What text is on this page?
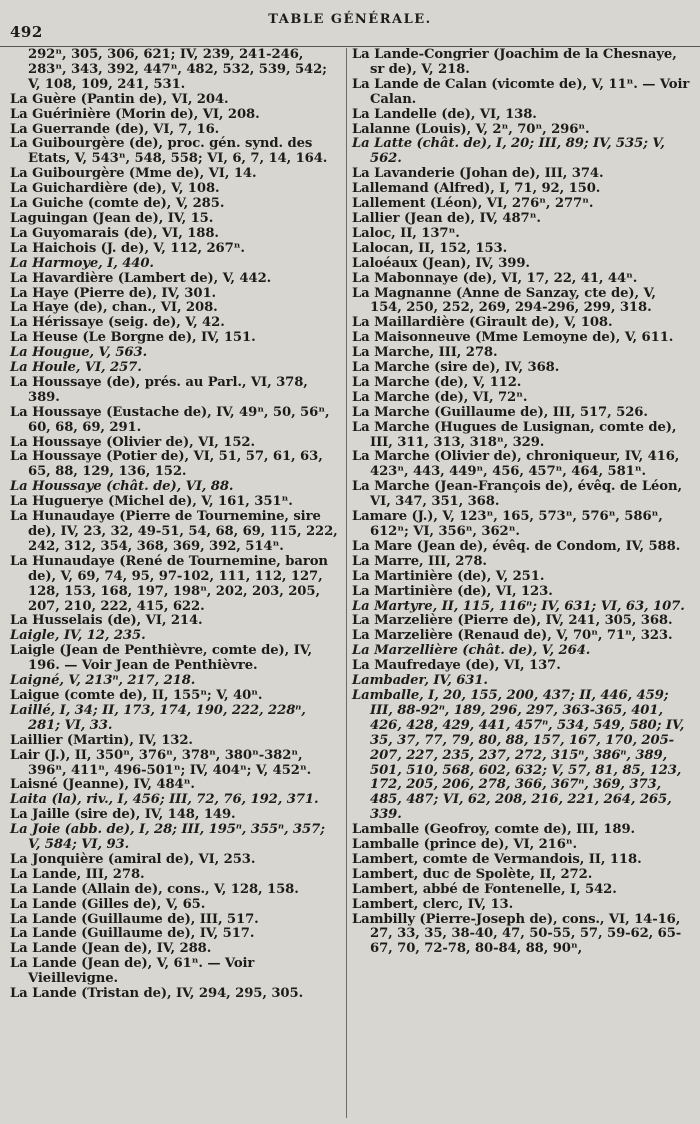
492
TABLE GÉNÉRALE.

292ⁿ, 305, 306, 621; IV, 239, 241-246, 283ⁿ, 343, 392, 447ⁿ, 482, 532, 539, 542; V, 108, 109, 241, 531.

La Guère (Pantin de), VI, 204.

La Guérinière (Morin de), VI, 208.

La Guerrande (de), VI, 7, 16.

La Guibourgère (de), proc. gén. synd. des Etats, V, 543ⁿ, 548, 558; VI, 6, 7, 14, 164.

La Guibourgère (Mme de), VI, 14.

La Guichardière (de), V, 108.

La Guiche (comte de), V, 285.

Laguingan (Jean de), IV, 15.

La Guyomarais (de), VI, 188.

La Haichois (J. de), V, 112, 267ⁿ.

La Harmoye, I, 440.

La Havardière (Lambert de), V, 442.

La Haye (Pierre de), IV, 301.

La Haye (de), chan., VI, 208.

La Hérissaye (seig. de), V, 42.

La Heuse (Le Borgne de), IV, 151.

La Hougue, V, 563.

La Houle, VI, 257.

La Houssaye (de), prés. au Parl., VI, 378, 389.

La Houssaye (Eustache de), IV, 49ⁿ, 50, 56ⁿ, 60, 68, 69, 291.

La Houssaye (Olivier de), VI, 152.

La Houssaye (Potier de), VI, 51, 57, 61, 63, 65, 88, 129, 136, 152.

La Houssaye (chât. de), VI, 88.

La Huguerye (Michel de), V, 161, 351ⁿ.

La Hunaudaye (Pierre de Tournemine, sire de), IV, 23, 32, 49-51, 54, 68, 69, 115, 222, 242, 312, 354, 368, 369, 392, 514ⁿ.

La Hunaudaye (René de Tournemine, baron de), V, 69, 74, 95, 97-102, 111, 112, 127, 128, 153, 168, 197, 198ⁿ, 202, 203, 205, 207, 210, 222, 415, 622.

La Husselais (de), VI, 214.

Laigle, IV, 12, 235.

Laigle (Jean de Penthièvre, comte de), IV, 196. — Voir Jean de Penthièvre.

Laigné, V, 213ⁿ, 217, 218.

Laigue (comte de), II, 155ⁿ; V, 40ⁿ.

Laillé, I, 34; II, 173, 174, 190, 222, 228ⁿ, 281; VI, 33.

Laillier (Martin), IV, 132.

Lair (J.), II, 350ⁿ, 376ⁿ, 378ⁿ, 380ⁿ-382ⁿ, 396ⁿ, 411ⁿ, 496-501ⁿ; IV, 404ⁿ; V, 452ⁿ.

Laisné (Jeanne), IV, 484ⁿ.

Laita (la), riv., I, 456; III, 72, 76, 192, 371.

La Jaille (sire de), IV, 148, 149.

La Joie (abb. de), I, 28; III, 195ⁿ, 355ⁿ, 357; V, 584; VI, 93.

La Jonquière (amiral de), VI, 253.

La Lande, III, 278.

La Lande (Allain de), cons., V, 128, 158.

La Lande (Gilles de), V, 65.

La Lande (Guillaume de), III, 517.

La Lande (Guillaume de), IV, 517.

La Lande (Jean de), IV, 288.

La Lande (Jean de), V, 61ⁿ. — Voir Vieillevigne.

La Lande (Tristan de), IV, 294, 295, 305.

La Lande-Congrier (Joachim de la Chesnaye, sr de), V, 218.

La Lande de Calan (vicomte de), V, 11ⁿ. — Voir Calan.

La Landelle (de), VI, 138.

Lalanne (Louis), V, 2ⁿ, 70ⁿ, 296ⁿ.

La Latte (chât. de), I, 20; III, 89; IV, 535; V, 562.

La Lavanderie (Johan de), III, 374.

Lallemand (Alfred), I, 71, 92, 150.

Lallement (Léon), VI, 276ⁿ, 277ⁿ.

Lallier (Jean de), IV, 487ⁿ.

Laloc, II, 137ⁿ.

Lalocan, II, 152, 153.

Laloéaux (Jean), IV, 399.

La Mabonnaye (de), VI, 17, 22, 41, 44ⁿ.

La Magnanne (Anne de Sanzay, cte de), V, 154, 250, 252, 269, 294-296, 299, 318.

La Maillardière (Girault de), V, 108.

La Maisonneuve (Mme Lemoyne de), V, 611.

La Marche, III, 278.

La Marche (sire de), IV, 368.

La Marche (de), V, 112.

La Marche (de), VI, 72ⁿ.

La Marche (Guillaume de), III, 517, 526.

La Marche (Hugues de Lusignan, comte de), III, 311, 313, 318ⁿ, 329.

La Marche (Olivier de), chroniqueur, IV, 416, 423ⁿ, 443, 449ⁿ, 456, 457ⁿ, 464, 581ⁿ.

La Marche (Jean-François de), évêq. de Léon, VI, 347, 351, 368.

Lamare (J.), V, 123ⁿ, 165, 573ⁿ, 576ⁿ, 586ⁿ, 612ⁿ; VI, 356ⁿ, 362ⁿ.

La Mare (Jean de), évêq. de Condom, IV, 588.

La Marre, III, 278.

La Martinière (de), V, 251.

La Martinière (de), VI, 123.

La Martyre, II, 115, 116ⁿ; IV, 631; VI, 63, 107.

La Marzelière (Pierre de), IV, 241, 305, 368.

La Marzelière (Renaud de), V, 70ⁿ, 71ⁿ, 323.

La Marzellière (chât. de), V, 264.

La Maufredaye (de), VI, 137.

Lambader, IV, 631.

Lamballe, I, 20, 155, 200, 437; II, 446, 459; III, 88-92ⁿ, 189, 296, 297, 363-365, 401, 426, 428, 429, 441, 457ⁿ, 534, 549, 580; IV, 35, 37, 77, 79, 80, 88, 157, 167, 170, 205-207, 227, 235, 237, 272, 315ⁿ, 386ⁿ, 389, 501, 510, 568, 602, 632; V, 57, 81, 85, 123, 172, 205, 206, 278, 366, 367ⁿ, 369, 373, 485, 487; VI, 62, 208, 216, 221, 264, 265, 339.

Lamballe (Geofroy, comte de), III, 189.

Lamballe (prince de), VI, 216ⁿ.

Lambert, comte de Vermandois, II, 118.

Lambert, duc de Spolète, II, 272.

Lambert, abbé de Fontenelle, I, 542.

Lambert, clerc, IV, 13.

Lambilly (Pierre-Joseph de), cons., VI, 14-16, 27, 33, 35, 38-40, 47, 50-55, 57, 59-62, 65-67, 70, 72-78, 80-84, 88, 90ⁿ,
